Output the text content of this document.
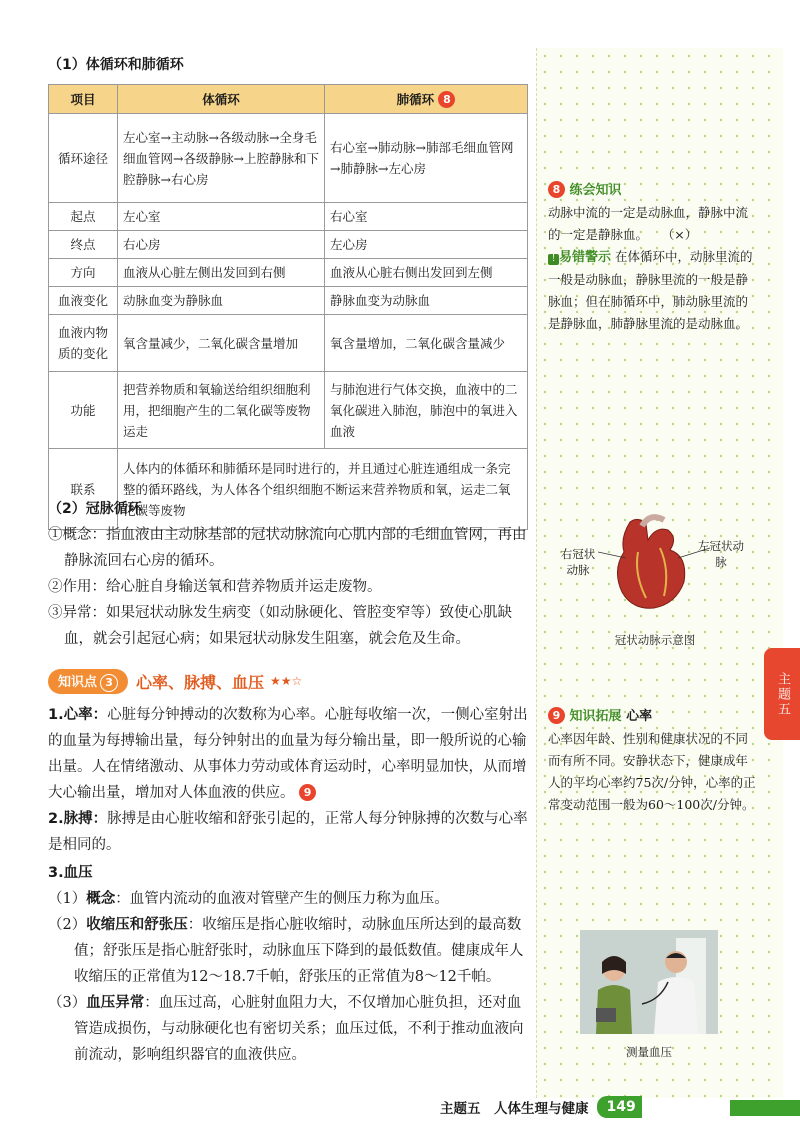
（1）体循环和肺循环
项目	体循环	肺循环 8
循环途径	左心室→主动脉→各级动脉→全身毛细血管网→各级静脉→上腔静脉和下腔静脉→右心房	右心室→肺动脉→肺部毛细血管网→肺静脉→左心房
起点	左心室	右心室
终点	右心房	左心房
方向	血液从心脏左侧出发回到右侧	血液从心脏右侧出发回到左侧
血液变化	动脉血变为静脉血	静脉血变为动脉血
血液内物质的变化	氧含量减少，二氧化碳含量增加	氧含量增加，二氧化碳含量减少
功能	把营养物质和氧输送给组织细胞利用，把细胞产生的二氧化碳等废物运走	与肺泡进行气体交换，血液中的二氧化碳进入肺泡，肺泡中的氧进入血液
联系	人体内的体循环和肺循环是同时进行的，并且通过心脏连通组成一条完整的循环路线，为人体各个组织细胞不断运来营养物质和氧，运走二氧化碳等废物	
（2）冠脉循环
①概念：指血液由主动脉基部的冠状动脉流向心肌内部的毛细血管网，再由静脉流回右心房的循环。
②作用：给心脏自身输送氧和营养物质并运走废物。
③异常：如果冠状动脉发生病变（如动脉硬化、管腔变窄等）致使心肌缺血，就会引起冠心病；如果冠状动脉发生阻塞，就会危及生命。
知识点 3	心率、脉搏、血压 ★★☆
1.心率：心脏每分钟搏动的次数称为心率。心脏每收缩一次，一侧心室射出的血量为每搏输出量，每分钟射出的血量为每分输出量，即一般所说的心输出量。人在情绪激动、从事体力劳动或体育运动时，心率明显加快，从而增大心输出量，增加对人体血液的供应。 9
2.脉搏：脉搏是由心脏收缩和舒张引起的，正常人每分钟脉搏的次数与心率是相同的。
3.血压
（1）概念：血管内流动的血液对管壁产生的侧压力称为血压。
（2）收缩压和舒张压：收缩压是指心脏收缩时，动脉血压所达到的最高数值；舒张压是指心脏舒张时，动脉血压下降到的最低数值。健康成年人收缩压的正常值为12～18.7千帕，舒张压的正常值为8～12千帕。
（3）血压异常：血压过高，心脏射血阻力大，不仅增加心脏负担，还对血管造成损伤，与动脉硬化也有密切关系；血压过低，不利于推动血液向前流动，影响组织器官的血液供应。
8 练会知识
动脉中流的一定是动脉血，静脉中流的一定是静脉血。 （×）
! 易错警示 在体循环中，动脉里流的一般是动脉血，静脉里流的一般是静脉血；但在肺循环中，肺动脉里流的是静脉血，肺静脉里流的是动脉血。
右冠状动脉
左冠状动脉
冠状动脉示意图
9 知识拓展 心率
心率因年龄、性别和健康状况的不同而有所不同。安静状态下，健康成年人的平均心率约75次/分钟，心率的正常变动范围一般为60～100次/分钟。
测量血压
主题五
主题五　人体生理与健康	149
